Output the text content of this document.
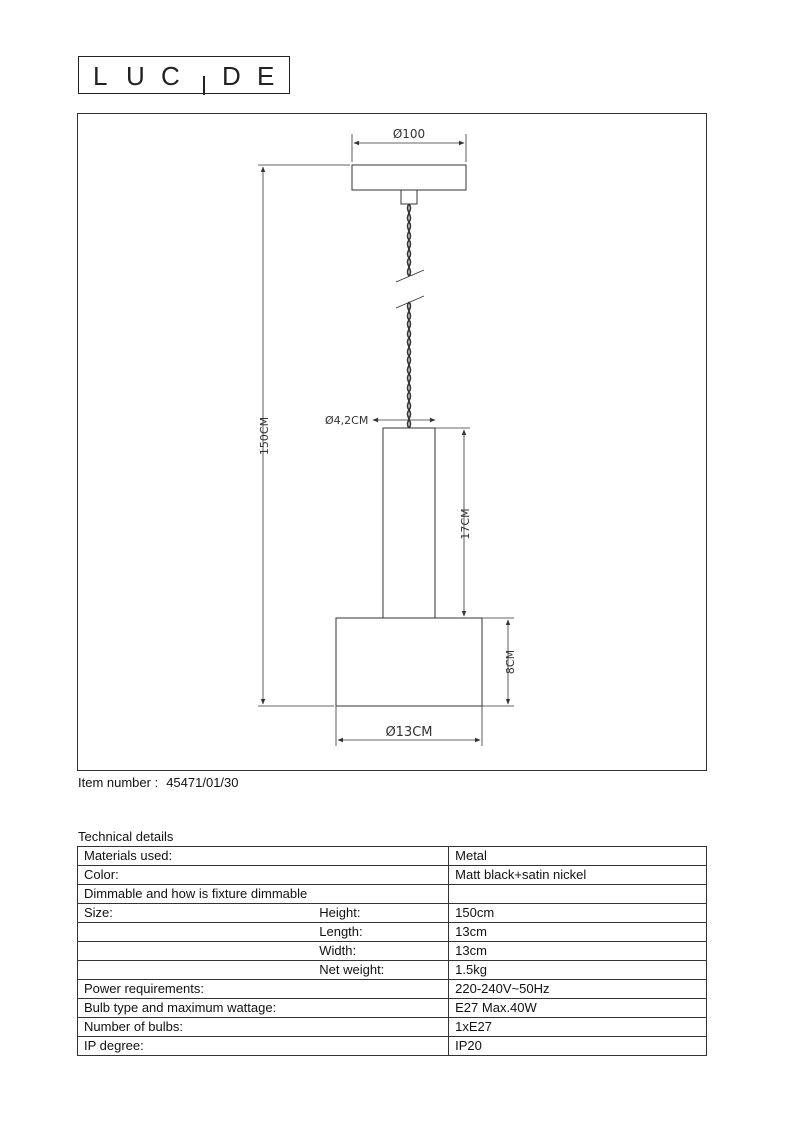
L U C D E
Ø100
Ø4,2CM
150CM
17CM
8CM
Ø13CM
Item number : 45471/01/30
Technical details
Materials used:		Metal
Color:		Matt black+satin nickel
Dimmable and how is fixture dimmable		
Size:	Height:	150cm
	Length:	13cm
	Width:	13cm
	Net weight:	1.5kg
Power requirements:		220-240V~50Hz
Bulb type and maximum wattage:		E27 Max.40W
Number of bulbs:		1xE27
IP degree:		IP20
